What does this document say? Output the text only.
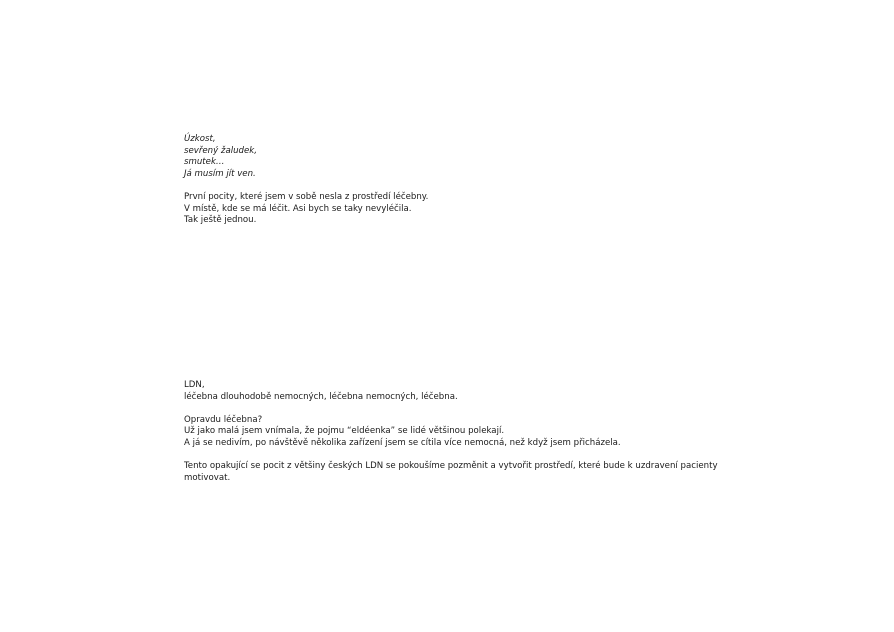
Úzkost,
sevřený žaludek,
smutek…
Já musím jít ven.
První pocity, které jsem v sobě nesla z prostředí léčebny.
V místě, kde se má léčit. Asi bych se taky nevyléčila.
Tak ještě jednou.
LDN,
léčebna dlouhodobě nemocných, léčebna nemocných, léčebna.
Opravdu léčebna?
Už jako malá jsem vnímala, že pojmu “eldéenka” se lidé většinou polekají.
A já se nedivím, po návštěvě několika zařízení jsem se cítila více nemocná, než když jsem přicházela.
Tento opakující se pocit z většiny českých LDN se pokoušíme pozměnit a vytvořit prostředí, které bude k uzdravení pacienty motivovat.
